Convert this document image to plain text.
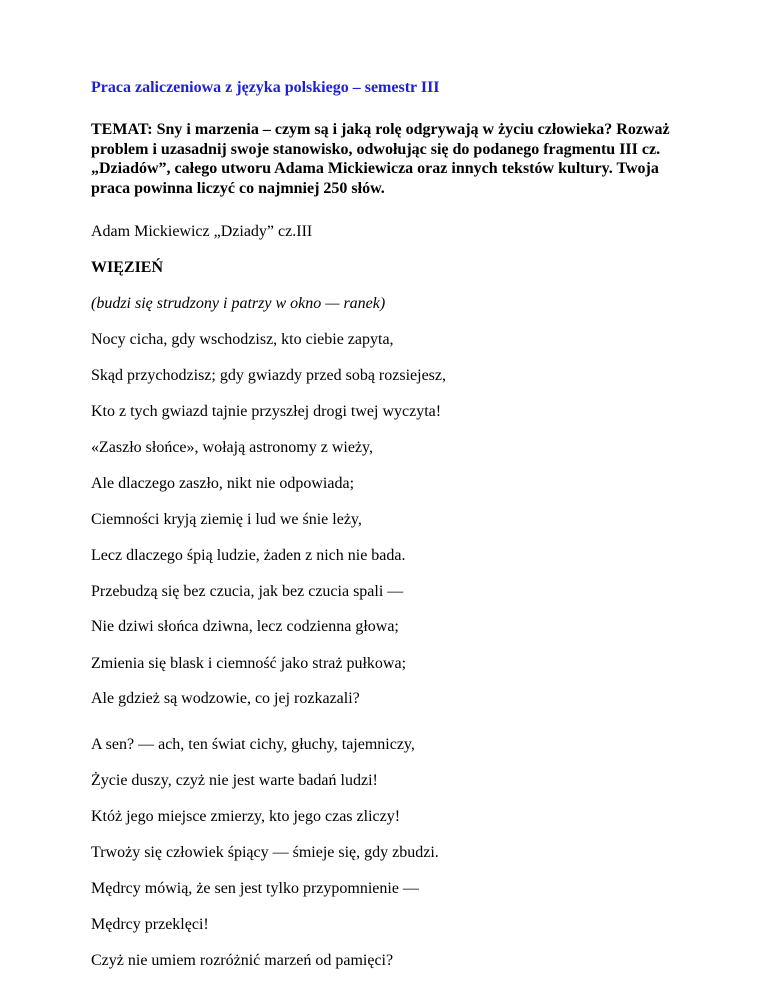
Praca zaliczeniowa z języka polskiego – semestr III

TEMAT: Sny i marzenia – czym są i jaką rolę odgrywają w życiu człowieka? Rozważ problem i uzasadnij swoje stanowisko, odwołując się do podanego fragmentu III cz. „Dziadów”, całego utworu Adama Mickiewicza oraz innych tekstów kultury. Twoja praca powinna liczyć co najmniej 250 słów.

Adam Mickiewicz „Dziady” cz.III

WIĘZIEŃ

(budzi się strudzony i patrzy w okno — ranek)

Nocy cicha, gdy wschodzisz, kto ciebie zapyta,

Skąd przychodzisz; gdy gwiazdy przed sobą rozsiejesz,

Kto z tych gwiazd tajnie przyszłej drogi twej wyczyta!

«Zaszło słońce», wołają astronomy z wieży,

Ale dlaczego zaszło, nikt nie odpowiada;

Ciemności kryją ziemię i lud we śnie leży,

Lecz dlaczego śpią ludzie, żaden z nich nie bada.

Przebudzą się bez czucia, jak bez czucia spali —

Nie dziwi słońca dziwna, lecz codzienna głowa;

Zmienia się blask i ciemność jako straż pułkowa;

Ale gdzież są wodzowie, co jej rozkazali?

A sen? — ach, ten świat cichy, głuchy, tajemniczy,

Życie duszy, czyż nie jest warte badań ludzi!

Któż jego miejsce zmierzy, kto jego czas zliczy!

Trwoży się człowiek śpiący — śmieje się, gdy zbudzi.

Mędrcy mówią, że sen jest tylko przypomnienie —

Mędrcy przeklęci!

Czyż nie umiem rozróżnić marzeń od pamięci?
